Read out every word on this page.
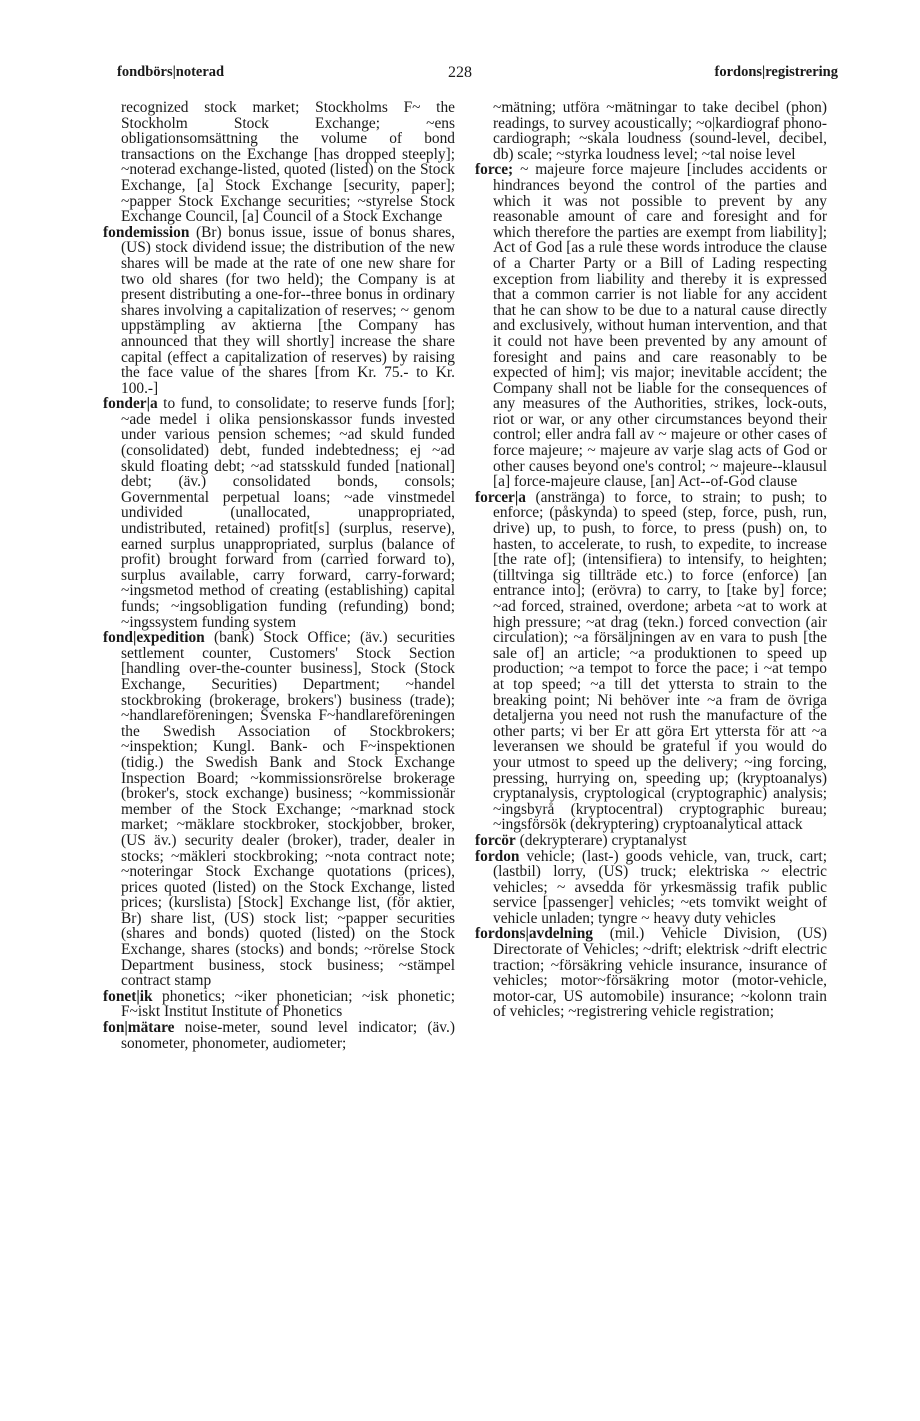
fondbörs|noterad	228	fordons|registrering

recognized stock market; Stockholms F~ the Stockholm Stock Exchange; ~ens obligationsomsättning the volume of bond transactions on the Exchange [has dropped steeply]; ~noterad exchange-listed, quoted (listed) on the Stock Exchange, [a] Stock Exchange [security, paper]; ~papper Stock Exchange securities; ~styrelse Stock Exchange Council, [a] Council of a Stock Exchange

fondemission (Br) bonus issue, issue of bonus shares, (US) stock dividend issue; the distribution of the new shares will be made at the rate of one new share for two old shares (for two held); the Company is at present distributing a one-for--three bonus in ordinary shares involving a capitalization of reserves; ~ genom uppstämpling av aktierna [the Company has announced that they will shortly] increase the share capital (effect a capitalization of reserves) by raising the face value of the shares [from Kr. 75.- to Kr. 100.-]

fonder|a to fund, to consolidate; to reserve funds [for]; ~ade medel i olika pensionskassor funds invested under various pension schemes; ~ad skuld funded (consolidated) debt, funded indebtedness; ej ~ad skuld floating debt; ~ad statsskuld funded [national] debt; (äv.) consolidated bonds, consols; Governmental perpetual loans; ~ade vinstmedel undivided (unallocated, unappropriated, undistributed, retained) profit[s] (surplus, reserve), earned surplus unappropriated, surplus (balance of profit) brought forward from (carried forward to), surplus available, carry forward, carry-forward; ~ingsmetod method of creating (establishing) capital funds; ~ingsobligation funding (refunding) bond; ~ingssystem funding system

fond|expedition (bank) Stock Office; (äv.) securities settlement counter, Customers' Stock Section [handling over-the-counter business], Stock (Stock Exchange, Securities) Department; ~handel stockbroking (brokerage, brokers') business (trade); ~handlareföreningen; Svenska F~handlareföreningen the Swedish Association of Stockbrokers; ~inspektion; Kungl. Bank- och F~inspektionen (tidig.) the Swedish Bank and Stock Exchange Inspection Board; ~kommissionsrörelse brokerage (broker's, stock exchange) business; ~kommissionär member of the Stock Exchange; ~marknad stock market; ~mäklare stockbroker, stockjobber, broker, (US äv.) security dealer (broker), trader, dealer in stocks; ~mäkleri stockbroking; ~nota contract note; ~noteringar Stock Exchange quotations (prices), prices quoted (listed) on the Stock Exchange, listed prices; (kurslista) [Stock] Exchange list, (för aktier, Br) share list, (US) stock list; ~papper securities (shares and bonds) quoted (listed) on the Stock Exchange, shares (stocks) and bonds; ~rörelse Stock Department business, stock business; ~stämpel contract stamp

fonet|ik phonetics; ~iker phonetician; ~isk phonetic; F~iskt Institut Institute of Phonetics

fon|mätare noise-meter, sound level indicator; (äv.) sonometer, phonometer, audiometer;

~mätning; utföra ~mätningar to take decibel (phon) readings, to survey acoustically; ~o|kardiograf phono-cardiograph; ~skala loudness (sound-level, decibel, db) scale; ~styrka loudness level; ~tal noise level

force; ~ majeure force majeure [includes accidents or hindrances beyond the control of the parties and which it was not possible to prevent by any reasonable amount of care and foresight and for which therefore the parties are exempt from liability]; Act of God [as a rule these words introduce the clause of a Charter Party or a Bill of Lading respecting exception from liability and thereby it is expressed that a common carrier is not liable for any accident that he can show to be due to a natural cause directly and exclusively, without human intervention, and that it could not have been prevented by any amount of foresight and pains and care reasonably to be expected of him]; vis major; inevitable accident; the Company shall not be liable for the consequences of any measures of the Authorities, strikes, lock-outs, riot or war, or any other circumstances beyond their control; eller andra fall av ~ majeure or other cases of force majeure; ~ majeure av varje slag acts of God or other causes beyond one's control; ~ majeure--klausul [a] force-majeure clause, [an] Act--of-God clause

forcer|a (anstränga) to force, to strain; to push; to enforce; (påskynda) to speed (step, force, push, run, drive) up, to push, to force, to press (push) on, to hasten, to accelerate, to rush, to expedite, to increase [the rate of]; (intensifiera) to intensify, to heighten; (tilltvinga sig tillträde etc.) to force (enforce) [an entrance into]; (erövra) to carry, to [take by] force; ~ad forced, strained, overdone; arbeta ~at to work at high pressure; ~at drag (tekn.) forced convection (air circulation); ~a försäljningen av en vara to push [the sale of] an article; ~a produktionen to speed up production; ~a tempot to force the pace; i ~at tempo at top speed; ~a till det yttersta to strain to the breaking point; Ni behöver inte ~a fram de övriga detaljerna you need not rush the manufacture of the other parts; vi ber Er att göra Ert yttersta för att ~a leveransen we should be grateful if you would do your utmost to speed up the delivery; ~ing forcing, pressing, hurrying on, speeding up; (kryptoanalys) cryptanalysis, cryptological (cryptographic) analysis; ~ingsbyrå (kryptocentral) cryptographic bureau; ~ingsförsök (dekryptering) cryptoanalytical attack

forcör (dekrypterare) cryptanalyst

fordon vehicle; (last-) goods vehicle, van, truck, cart; (lastbil) lorry, (US) truck; elektriska ~ electric vehicles; ~ avsedda för yrkesmässig trafik public service [passenger] vehicles; ~ets tomvikt weight of vehicle unladen; tyngre ~ heavy duty vehicles

fordons|avdelning (mil.) Vehicle Division, (US) Directorate of Vehicles; ~drift; elektrisk ~drift electric traction; ~försäkring vehicle insurance, insurance of vehicles; motor~försäkring motor (motor-vehicle, motor-car, US automobile) insurance; ~kolonn train of vehicles; ~registrering vehicle registration;
